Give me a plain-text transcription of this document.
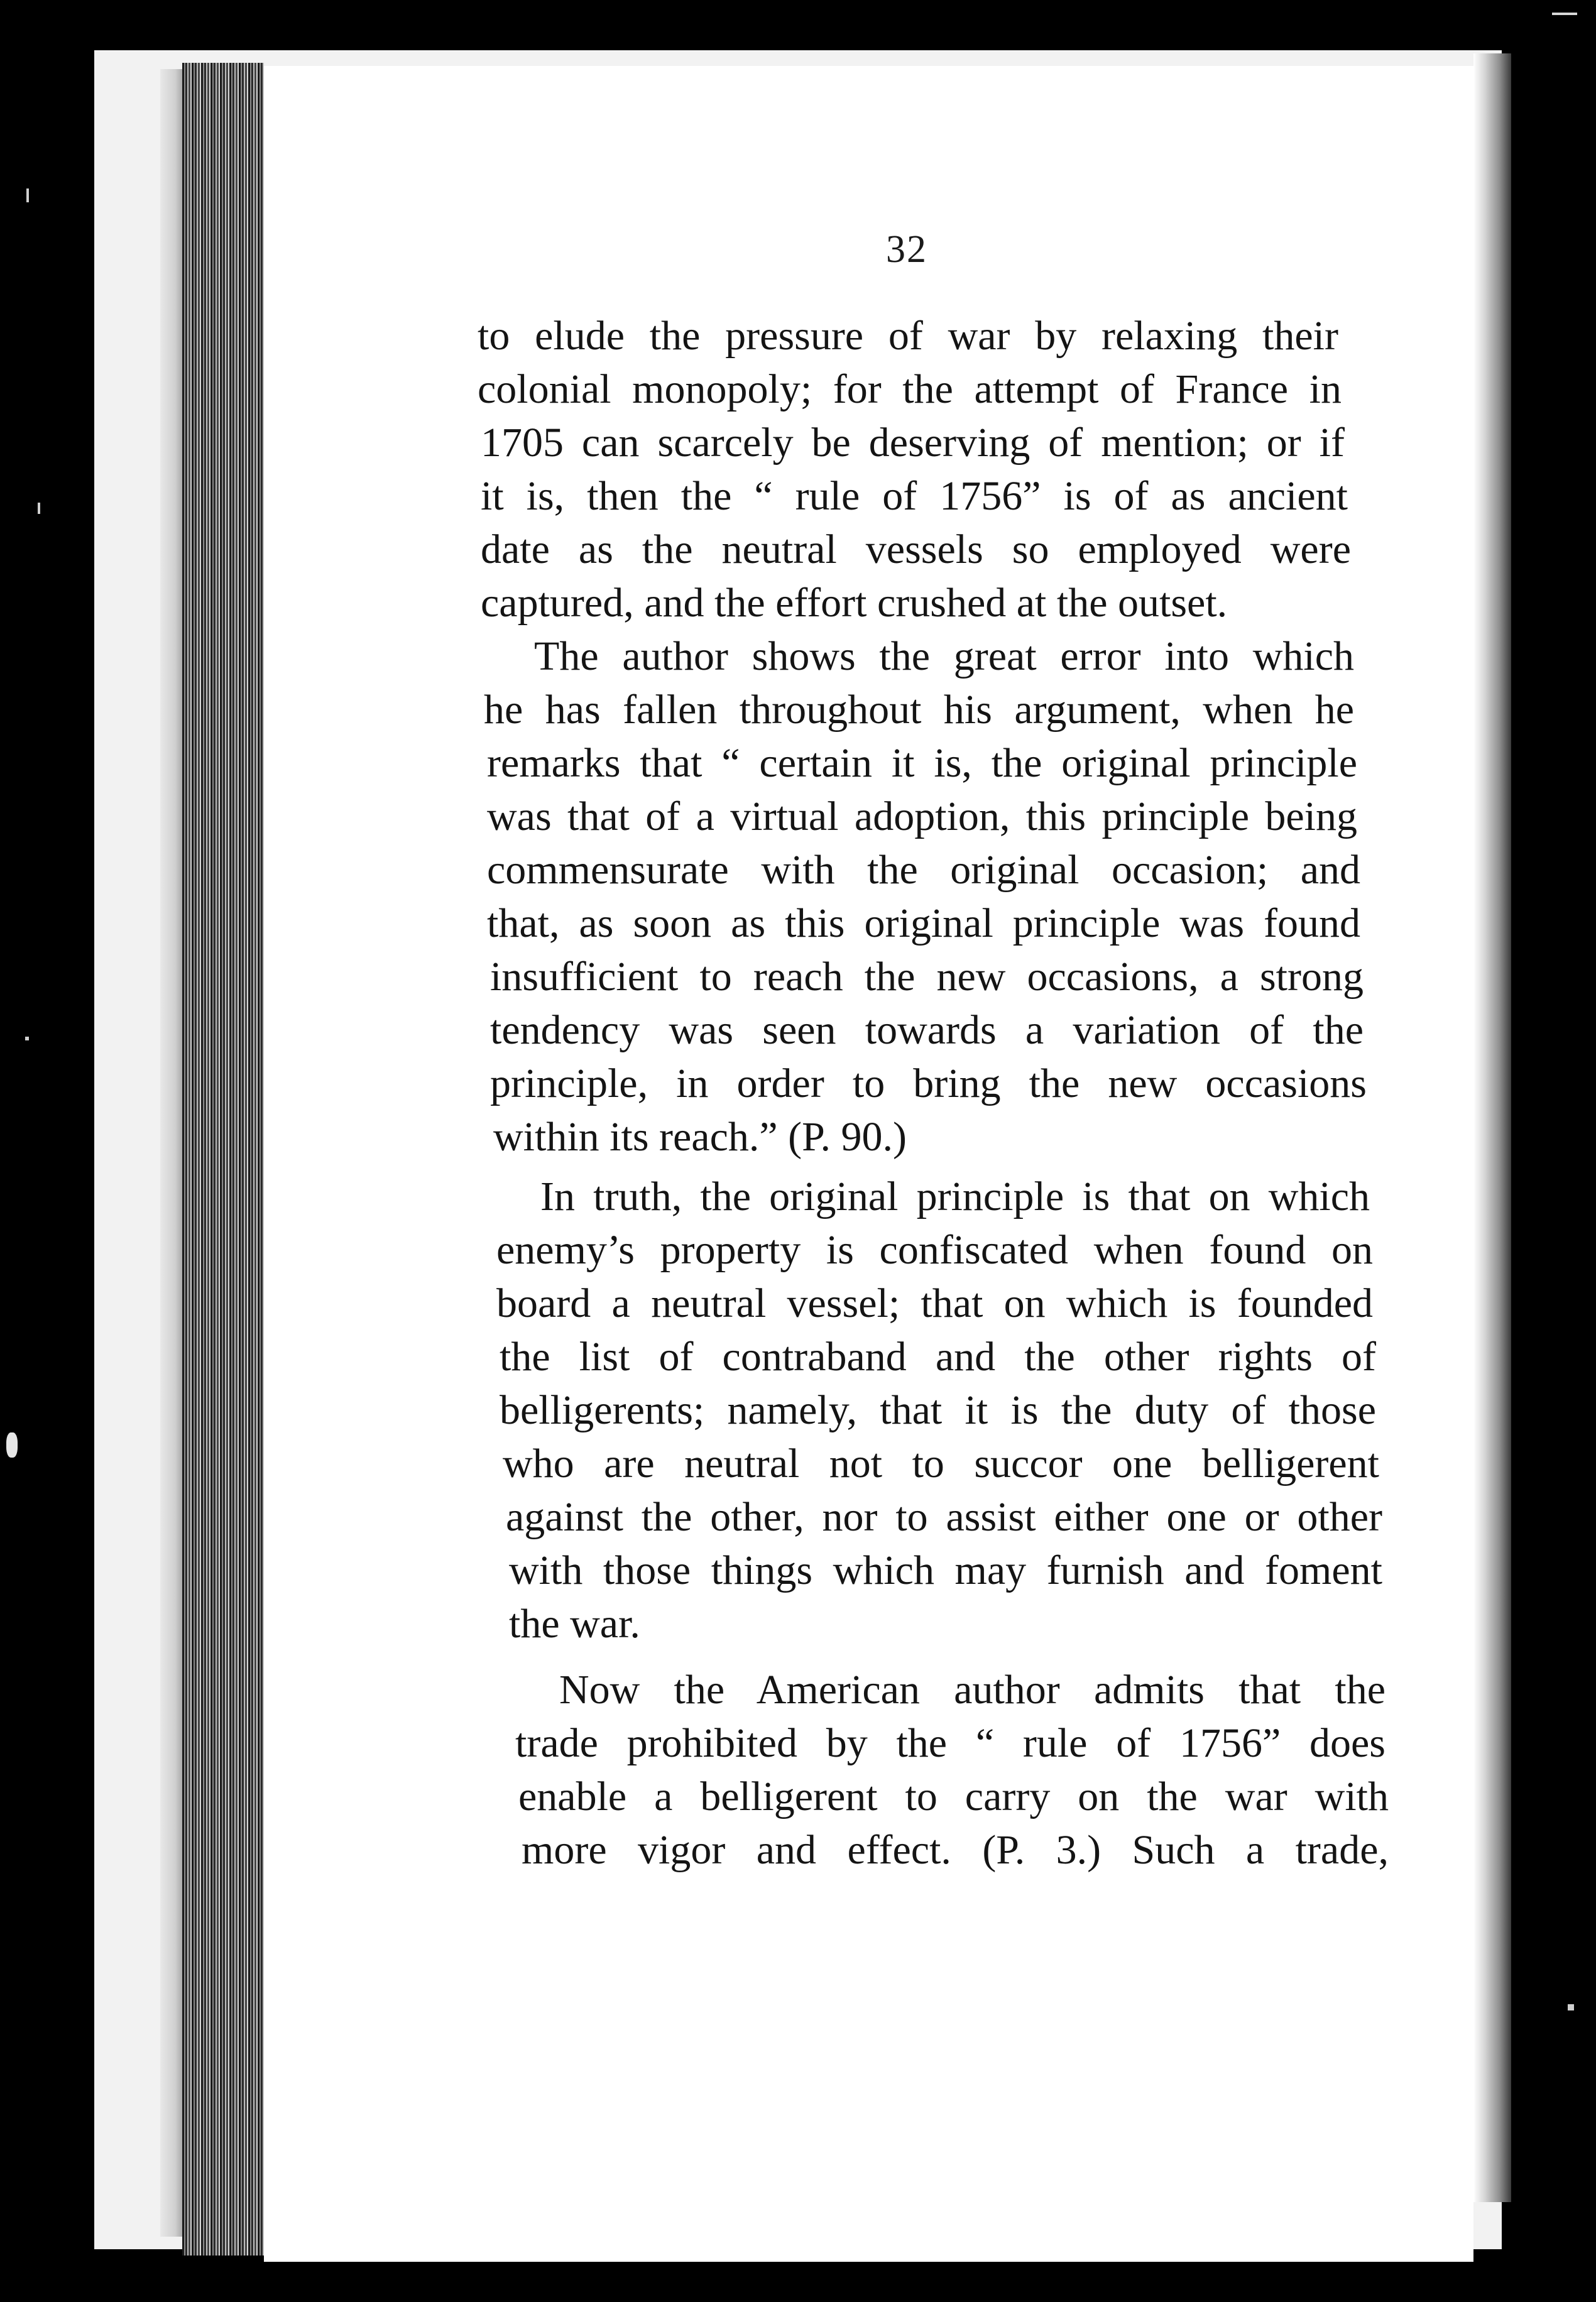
32
to elude the pressure of war by relaxing their
colonial monopoly; for the attempt of France in
1705 can scarcely be deserving of mention; or if
it is, then the “ rule of 1756” is of as ancient
date as the neutral vessels so employed were
captured, and the effort crushed at the outset.
The author shows the great error into which
he has fallen throughout his argument, when he
remarks that “ certain it is, the original principle
was that of a virtual adoption, this principle being
commensurate with the original occasion; and
that, as soon as this original principle was found
insufficient to reach the new occasions, a strong
tendency was seen towards a variation of the
principle, in order to bring the new occasions
within its reach.” (P. 90.)
In truth, the original principle is that on which
enemy’s property is confiscated when found on
board a neutral vessel; that on which is founded
the list of contraband and the other rights of
belligerents; namely, that it is the duty of those
who are neutral not to succor one belligerent
against the other, nor to assist either one or other
with those things which may furnish and foment
the war.
Now the American author admits that the
trade prohibited by the “ rule of 1756” does
enable a belligerent to carry on the war with
more vigor and effect. (P. 3.) Such a trade,
